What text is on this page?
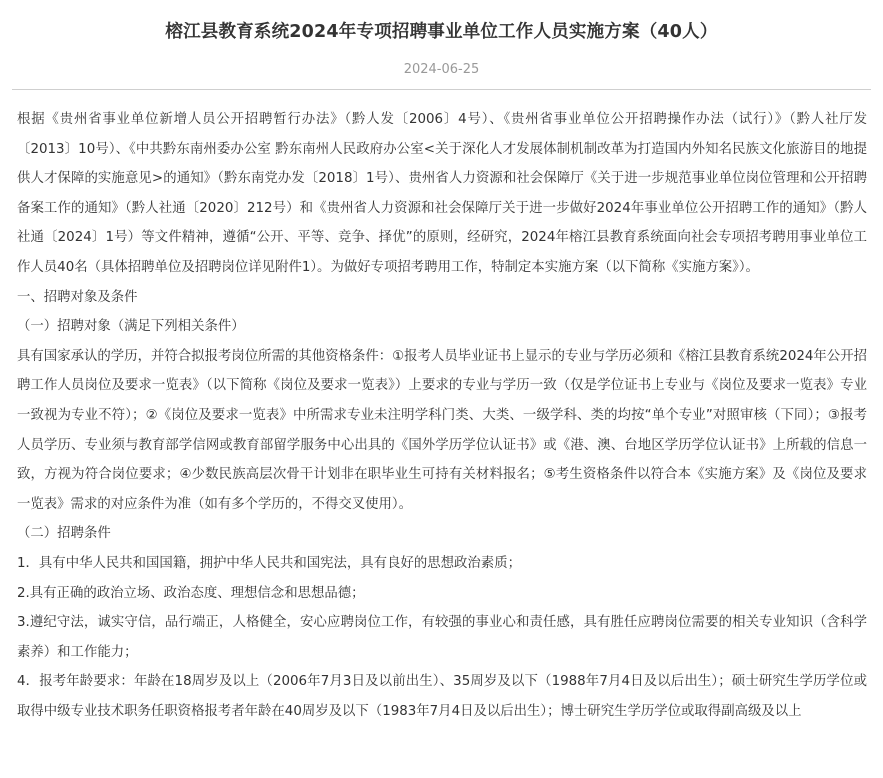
榕江县教育系统2024年专项招聘事业单位工作人员实施方案（40人）
2024-06-25

根据《贵州省事业单位新增人员公开招聘暂行办法》（黔人发〔2006〕4号）、《贵州省事业单位公开招聘操作办法（试行）》（黔人社厅发〔2013〕10号）、《中共黔东南州委办公室 黔东南州人民政府办公室<关于深化人才发展体制机制改革为打造国内外知名民族文化旅游目的地提供人才保障的实施意见>的通知》（黔东南党办发〔2018〕1号）、贵州省人力资源和社会保障厅《关于进一步规范事业单位岗位管理和公开招聘备案工作的通知》（黔人社通〔2020〕212号）和《贵州省人力资源和社会保障厅关于进一步做好2024年事业单位公开招聘工作的通知》（黔人社通〔2024〕1号）等文件精神，遵循“公开、平等、竞争、择优”的原则，经研究，2024年榕江县教育系统面向社会专项招考聘用事业单位工作人员40名（具体招聘单位及招聘岗位详见附件1）。为做好专项招考聘用工作，特制定本实施方案（以下简称《实施方案》）。

一、招聘对象及条件

（一）招聘对象（满足下列相关条件）

具有国家承认的学历，并符合拟报考岗位所需的其他资格条件：①报考人员毕业证书上显示的专业与学历必须和《榕江县教育系统2024年公开招聘工作人员岗位及要求一览表》（以下简称《岗位及要求一览表》）上要求的专业与学历一致（仅是学位证书上专业与《岗位及要求一览表》专业一致视为专业不符）；②《岗位及要求一览表》中所需求专业未注明学科门类、大类、一级学科、类的均按“单个专业”对照审核（下同）；③报考人员学历、专业须与教育部学信网或教育部留学服务中心出具的《国外学历学位认证书》或《港、澳、台地区学历学位认证书》上所载的信息一致，方视为符合岗位要求；④少数民族高层次骨干计划非在职毕业生可持有关材料报名；⑤考生资格条件以符合本《实施方案》及《岗位及要求一览表》需求的对应条件为准（如有多个学历的，不得交叉使用）。

（二）招聘条件

1．具有中华人民共和国国籍，拥护中华人民共和国宪法，具有良好的思想政治素质；

2.具有正确的政治立场、政治态度、理想信念和思想品德；

3.遵纪守法，诚实守信，品行端正，人格健全，安心应聘岗位工作，有较强的事业心和责任感，具有胜任应聘岗位需要的相关专业知识（含科学素养）和工作能力；

4．报考年龄要求：年龄在18周岁及以上（2006年7月3日及以前出生）、35周岁及以下（1988年7月4日及以后出生）；硕士研究生学历学位或取得中级专业技术职务任职资格报考者年龄在40周岁及以下（1983年7月4日及以后出生）；博士研究生学历学位或取得副高级及以上
